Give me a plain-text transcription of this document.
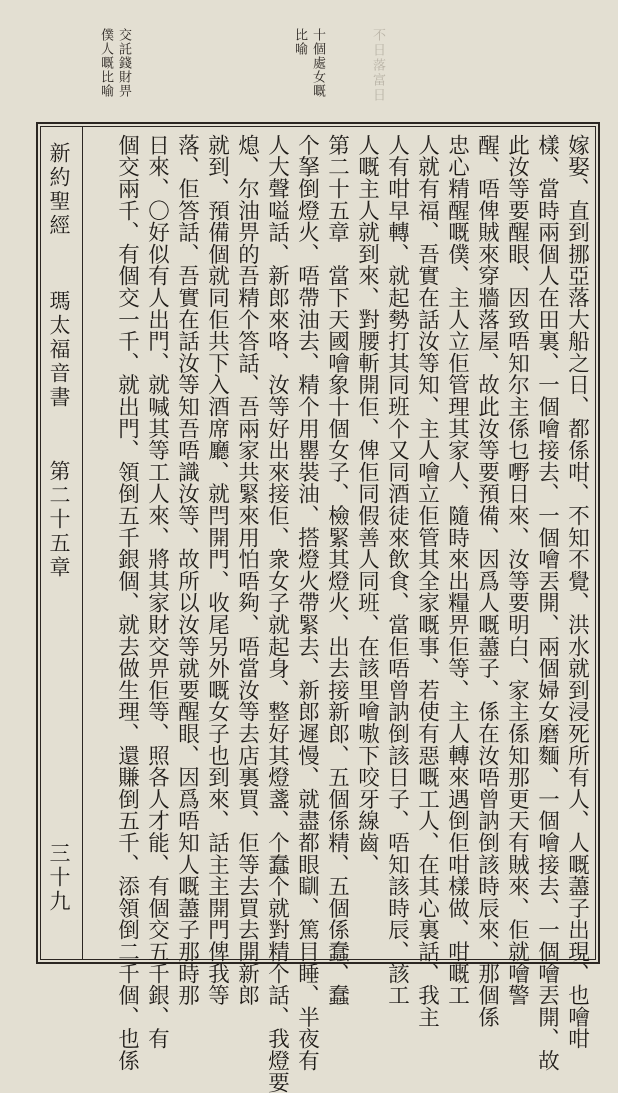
交託錢財畀
僕人嘅比喻	十個處女嘅
比喻	不日落富日
新約聖經
瑪太福音書
第二十五章
三十九	嫁娶、直到挪亞落大船之日、都係咁、不知不覺、洪水就到浸死所有人、人嘅藎子出現、也噲咁
樣、當時兩個人在田裏、一個噲接去、一個噲丟開、兩個婦女磨麵、一個噲接去、一個噲丟開、故
此汝等要醒眼、因致唔知尔主係乜嘢日來、汝等要明白、家主係知那更天有賊來、佢就噲警
醒、唔俾賊來穿牆落屋、故此汝等要預備、因爲人嘅藎子、係在汝唔曾訥倒該時辰來、那個係
忠心精醒嘅僕、主人立佢管理其家人、隨時來出糧畀佢等、主人轉來遇倒佢咁樣做、咁嘅工
人就有福、吾實在話汝等知、主人噲立佢管其全家嘅事、若使有惡嘅工人、在其心裏話、我主
人有咁早轉、就起勢打其同班个又同酒徒來飲食、當佢唔曾訥倒該日子、唔知該時辰、該工
人嘅主人就到來、對腰斬開佢、俾佢同假善人同班、在該里噲嗷下咬牙線齒、
第二十五章　當下天國噲象十個女子、檢緊其燈火、出去接新郎、五個係精、五個係蠢、蠢
个拏倒燈火、唔帶油去、精个用罌裝油、搭燈火帶緊去、新郎遲慢、就盡都眼瞓、篤目睡、半夜有
人大聲嗌話、新郎來咯、汝等好出來接佢、衆女子就起身、整好其燈盞、个蠢个就對精个話、我燈要
熄、尔油畀的吾精个答話、吾兩家共緊來用怕唔夠、唔當汝等去店裏買、佢等去買去開新郎
就到、預備個就同佢共下入酒席廳、就閂開門、收尾另外嘅女子也到來、話主主開門俾我等
落、佢答話、吾實在話汝等知吾唔識汝等、故所以汝等就要醒眼、因爲唔知人嘅藎子那時那
日來、〇好似有人出門、就喊其等工人來、將其家財交畀佢等、照各人才能、有個交五千銀、有
個交兩千、有個交一千、就出門、領倒五千銀個、就去做生理、還賺倒五千、添領倒二千個、也係
